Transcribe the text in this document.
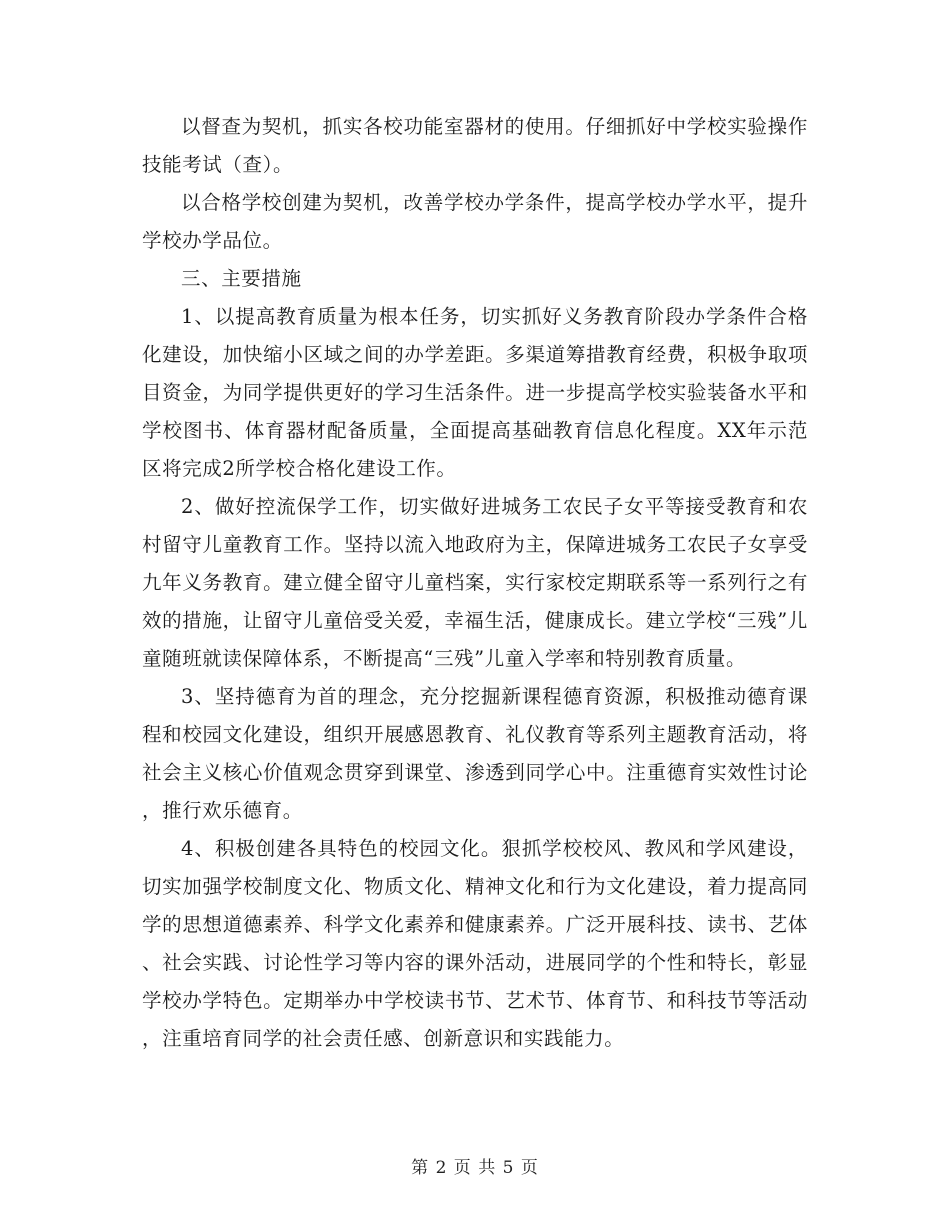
以督查为契机，抓实各校功能室器材的使用。仔细抓好中学校实验操作技能考试（查）。

以合格学校创建为契机，改善学校办学条件，提高学校办学水平，提升学校办学品位。

三、主要措施

1、以提高教育质量为根本任务，切实抓好义务教育阶段办学条件合格化建设，加快缩小区域之间的办学差距。多渠道筹措教育经费，积极争取项目资金，为同学提供更好的学习生活条件。进一步提高学校实验装备水平和学校图书、体育器材配备质量，全面提高基础教育信息化程度。XX年示范区将完成2所学校合格化建设工作。

2、做好控流保学工作，切实做好进城务工农民子女平等接受教育和农村留守儿童教育工作。坚持以流入地政府为主，保障进城务工农民子女享受九年义务教育。建立健全留守儿童档案，实行家校定期联系等一系列行之有效的措施，让留守儿童倍受关爱，幸福生活，健康成长。建立学校“三残”儿童随班就读保障体系，不断提高“三残”儿童入学率和特别教育质量。

3、坚持德育为首的理念，充分挖掘新课程德育资源，积极推动德育课程和校园文化建设，组织开展感恩教育、礼仪教育等系列主题教育活动，将社会主义核心价值观念贯穿到课堂、渗透到同学心中。注重德育实效性讨论，推行欢乐德育。

4、积极创建各具特色的校园文化。狠抓学校校风、教风和学风建设，切实加强学校制度文化、物质文化、精神文化和行为文化建设，着力提高同学的思想道德素养、科学文化素养和健康素养。广泛开展科技、读书、艺体、社会实践、讨论性学习等内容的课外活动，进展同学的个性和特长，彰显学校办学特色。定期举办中学校读书节、艺术节、体育节、和科技节等活动，注重培育同学的社会责任感、创新意识和实践能力。

第 2 页 共 5 页
